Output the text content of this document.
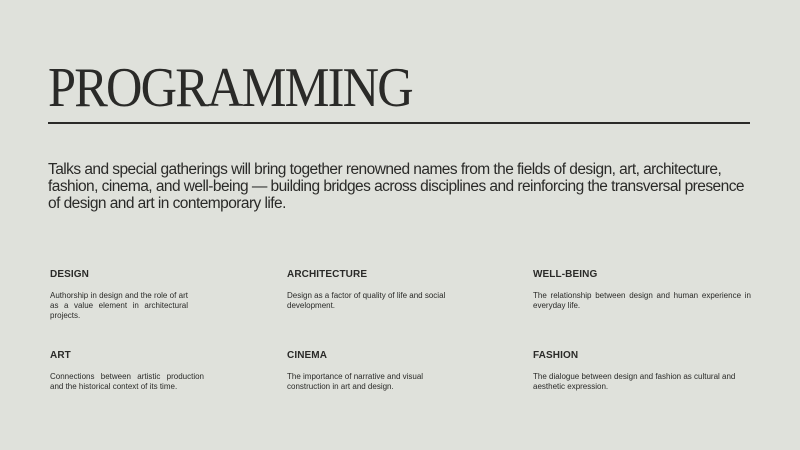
PROGRAMMING

Talks and special gatherings will bring together renowned names from the fields of design, art, architecture, fashion, cinema, and well-being — building bridges across disciplines and reinforcing the transversal presence of design and art in contemporary life.

DESIGN

Authorship in design and the role of art as a value element in architectural projects.

ARCHITECTURE

Design as a factor of quality of life and social development.

WELL-BEING

The relationship between design and human experience in everyday life.

ART

Connections between artistic production and the historical context of its time.

CINEMA

The importance of narrative and visual construction in art and design.

FASHION

The dialogue between design and fashion as cultural and aesthetic expression.
